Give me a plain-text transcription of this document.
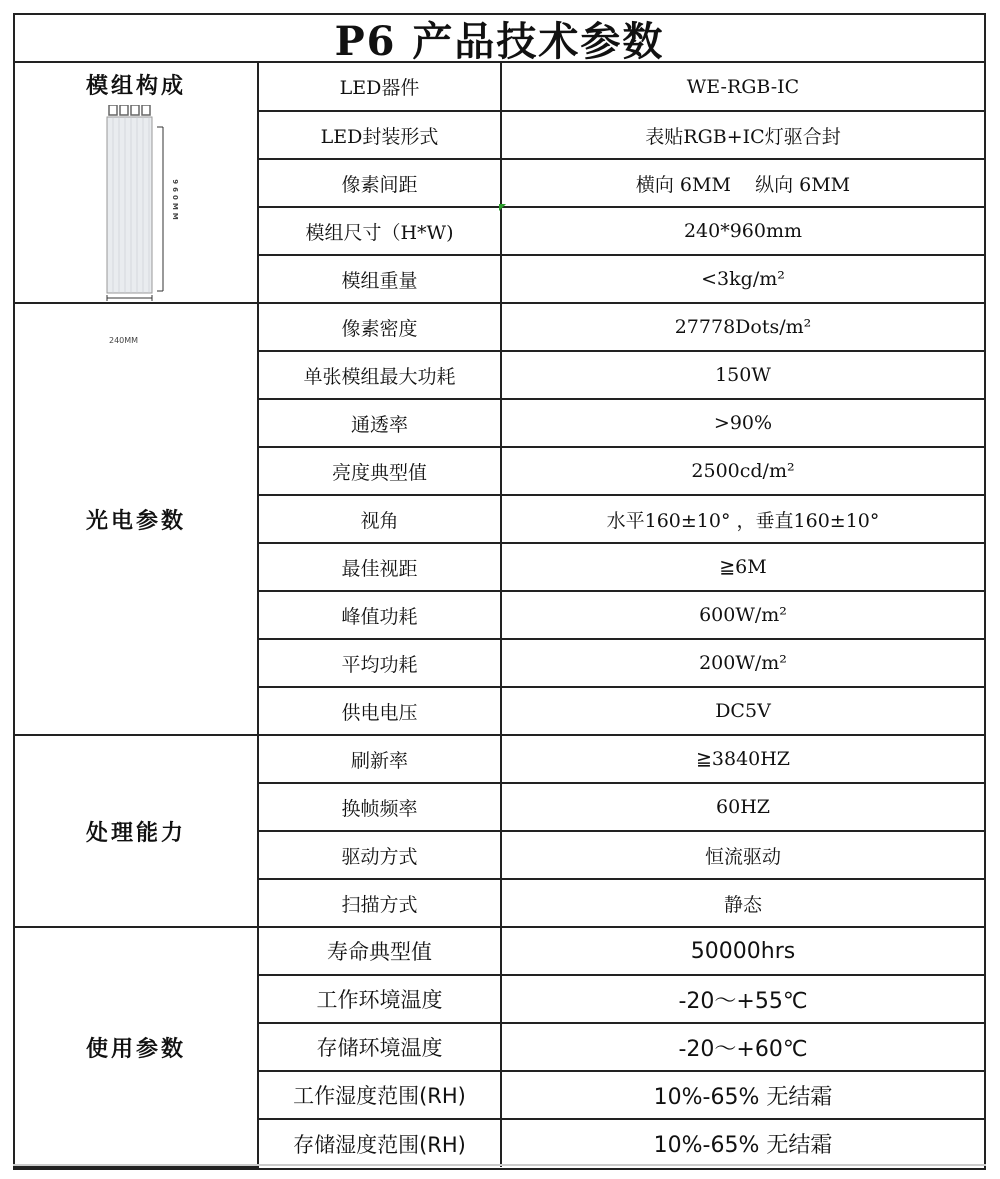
P6 产品技术参数
模组构成
960MM
240MM	LED器件	WE-RGB-IC
	LED封装形式	表贴RGB+IC灯驱合封
	像素间距	横向 6MM    纵向 6MM
	模组尺寸（H*W)	240*960mm
	模组重量	<3kg/m²
光电参数	像素密度	27778Dots/m²
	单张模组最大功耗	150W
	通透率	>90%
	亮度典型值	2500cd/m²
	视角	水平160±10° ，垂直160±10°
	最佳视距	≧6M
	峰值功耗	600W/m²
	平均功耗	200W/m²
	供电电压	DC5V
处理能力	刷新率	≧3840HZ
	换帧频率	60HZ
	驱动方式	恒流驱动
	扫描方式	静态
使用参数	寿命典型值	50000hrs
	工作环境温度	-20～+55℃
	存储环境温度	-20～+60℃
	工作湿度范围(RH)	10%-65% 无结霜
	存储湿度范围(RH)	10%-65% 无结霜
